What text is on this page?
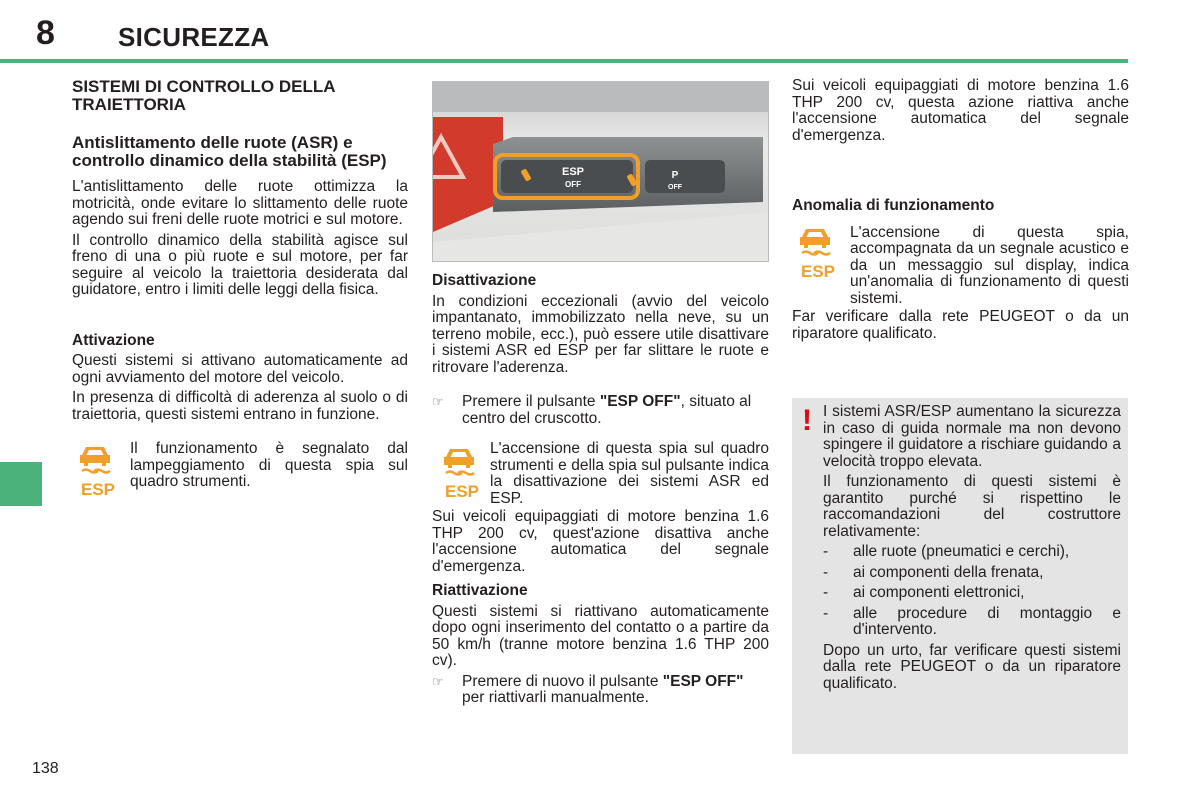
8 SICUREZZA
138
SISTEMI DI CONTROLLO DELLA TRAIETTORIA
Antislittamento delle ruote (ASR) e controllo dinamico della stabilità (ESP)

L'antislittamento delle ruote ottimizza la motricità, onde evitare lo slittamento delle ruote agendo sui freni delle ruote motrici e sul motore.

Il controllo dinamico della stabilità agisce sul freno di una o più ruote e sul motore, per far seguire al veicolo la traiettoria desiderata dal guidatore, entro i limiti delle leggi della fisica.

Attivazione

Questi sistemi si attivano automaticamente ad ogni avviamento del motore del veicolo.

In presenza di difficoltà di aderenza al suolo o di traiettoria, questi sistemi entrano in funzione.

ESP
Il funzionamento è segnalato dal lampeggiamento di questa spia sul quadro strumenti.
ESP
OFF
P
OFF
Disattivazione

In condizioni eccezionali (avvio del veicolo impantanato, immobilizzato nella neve, su un terreno mobile, ecc.), può essere utile disattivare i sistemi ASR ed ESP per far slittare le ruote e ritrovare l'aderenza.

☞	Premere il pulsante "ESP OFF", situato al centro del cruscotto.
ESP
L'accensione di questa spia sul quadro strumenti e della spia sul pulsante indica la disattivazione dei sistemi ASR ed ESP.

Sui veicoli equipaggiati di motore benzina 1.6 THP 200 cv, quest'azione disattiva anche l'accensione automatica del segnale d'emergenza.

Riattivazione

Questi sistemi si riattivano automaticamente dopo ogni inserimento del contatto o a partire da 50 km/h (tranne motore benzina 1.6 THP 200 cv).

☞	Premere di nuovo il pulsante "ESP OFF" per riattivarli manualmente.

Sui veicoli equipaggiati di motore benzina 1.6 THP 200 cv, questa azione riattiva anche l'accensione automatica del segnale d'emergenza.

Anomalia di funzionamento
ESP
L'accensione di questa spia, accompagnata da un segnale acustico e da un messaggio sul display, indica un'anomalia di funzionamento di questi sistemi.

Far verificare dalla rete PEUGEOT o da un riparatore qualificato.

! I sistemi ASR/ESP aumentano la sicurezza in caso di guida normale ma non devono spingere il guidatore a rischiare guidando a velocità troppo elevata.

Il funzionamento di questi sistemi è garantito purché si rispettino le raccomandazioni del costruttore relativamente:

-	alle ruote (pneumatici e cerchi),
-	ai componenti della frenata,
-	ai componenti elettronici,
-	alle procedure di montaggio e d'intervento.

Dopo un urto, far verificare questi sistemi dalla rete PEUGEOT o da un riparatore qualificato.
